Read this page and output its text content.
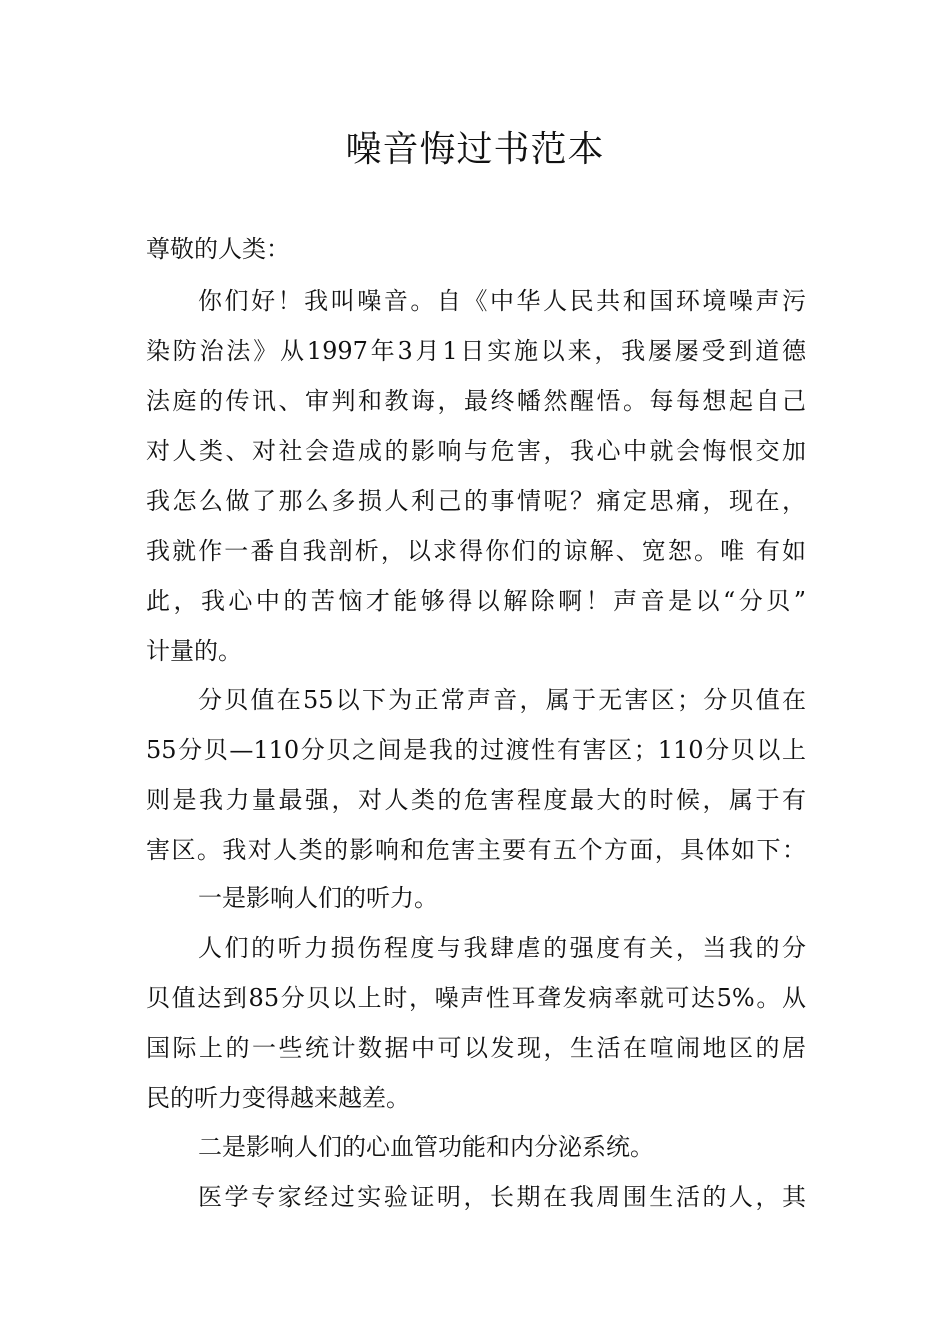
噪音悔过书范本

尊敬的人类：

你们好！我叫噪音。自《中华人民共和国环境噪声污

染防治法》从1997年3月1日实施以来，我屡屡受到道德

法庭的传讯、审判和教诲，最终幡然醒悟。每每想起自己

对人类、对社会造成的影响与危害，我心中就会悔恨交加

我怎么做了那么多损人利己的事情呢？痛定思痛，现在，

我就作一番自我剖析，以求得你们的谅解、宽恕。唯 有如

此，我心中的苦恼才能够得以解除啊！声音是以“分贝”

计量的。

分贝值在55以下为正常声音，属于无害区；分贝值在

55分贝—110分贝之间是我的过渡性有害区；110分贝以上

则是我力量最强，对人类的危害程度最大的时候，属于有

害区。我对人类的影响和危害主要有五个方面，具体如下：

一是影响人们的听力。

人们的听力损伤程度与我肆虐的强度有关，当我的分

贝值达到85分贝以上时，噪声性耳聋发病率就可达5%。从

国际上的一些统计数据中可以发现，生活在喧闹地区的居

民的听力变得越来越差。

二是影响人们的心血管功能和内分泌系统。

医学专家经过实验证明，长期在我周围生活的人，其
